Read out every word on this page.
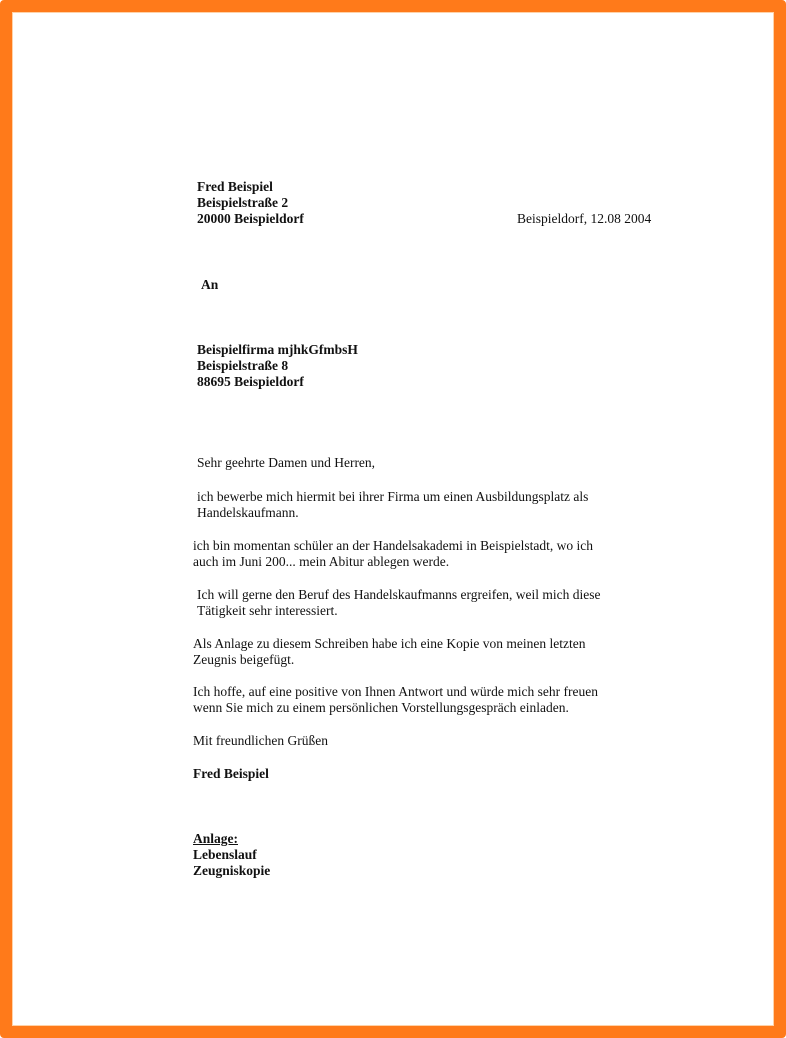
Fred Beispiel
Beispielstraße 2
20000 Beispieldorf	Beispieldorf, 12.08 2004
An
Beispielfirma mjhkGfmbsH
Beispielstraße 8
88695 Beispieldorf
Sehr geehrte Damen und Herren,
ich bewerbe mich hiermit bei ihrer Firma um einen Ausbildungsplatz als
Handelskaufmann.
ich bin momentan schüler an der Handelsakademi in Beispielstadt, wo ich
auch im Juni 200... mein Abitur ablegen werde.
Ich will gerne den Beruf des Handelskaufmanns ergreifen, weil mich diese
Tätigkeit sehr interessiert.
Als Anlage zu diesem Schreiben habe ich eine Kopie von meinen letzten
Zeugnis beigefügt.
Ich hoffe, auf eine positive von Ihnen Antwort und würde mich sehr freuen
wenn Sie mich zu einem persönlichen Vorstellungsgespräch einladen.
Mit freundlichen Grüßen
Fred Beispiel
Anlage:
Lebenslauf
Zeugniskopie
